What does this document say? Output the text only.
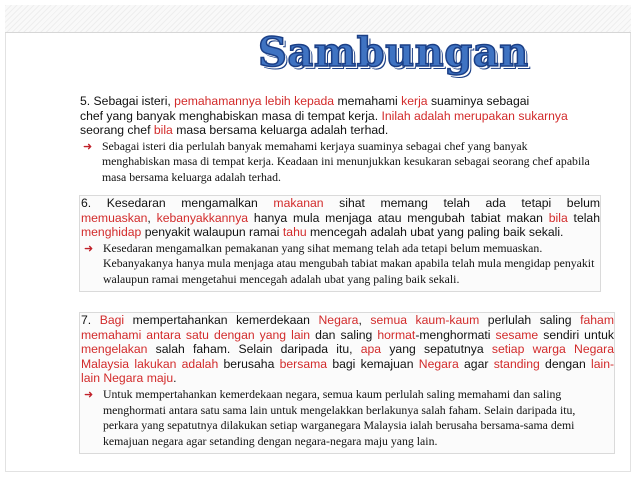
Sambungan

5. Sebagai isteri, pemahamannya lebih kepada memahami kerja suaminya sebagai

chef yang banyak menghabiskan masa di tempat kerja. Inilah adalah merupakan sukarnya

seorang chef bila masa bersama keluarga adalah terhad.

➜ Sebagai isteri dia perlulah banyak memahami kerjaya suaminya sebagai chef yang banyak menghabiskan masa di tempat kerja. Keadaan ini menunjukkan kesukaran sebagai seorang chef apabila masa bersama keluarga adalah terhad.

6. Kesedaran mengamalkan makanan sihat memang telah ada tetapi belum

memuaskan, kebanyakkannya hanya mula menjaga atau mengubah tabiat makan bila telah

menghidap penyakit walaupun ramai tahu mencegah adalah ubat yang paling baik sekali.

➜ Kesedaran mengamalkan pemakanan yang sihat memang telah ada tetapi belum memuaskan. Kebanyakanya hanya mula menjaga atau mengubah tabiat makan apabila telah mula mengidap penyakit walaupun ramai mengetahui mencegah adalah ubat yang paling baik sekali.

7. Bagi mempertahankan kemerdekaan Negara, semua kaum-kaum perlulah saling faham

memahami antara satu dengan yang lain dan saling hormat-menghormati sesame sendiri untuk

mengelakan salah faham. Selain daripada itu, apa yang sepatutnya setiap warga Negara

Malaysia lakukan adalah berusaha bersama bagi kemajuan Negara agar standing dengan lain-

lain Negara maju.

➜ Untuk mempertahankan kemerdekaan negara, semua kaum perlulah saling memahami dan saling menghormati antara satu sama lain untuk mengelakkan berlakunya salah faham. Selain daripada itu, perkara yang sepatutnya dilakukan setiap warganegara Malaysia ialah berusaha bersama-sama demi kemajuan negara agar setanding dengan negara-negara maju yang lain.
